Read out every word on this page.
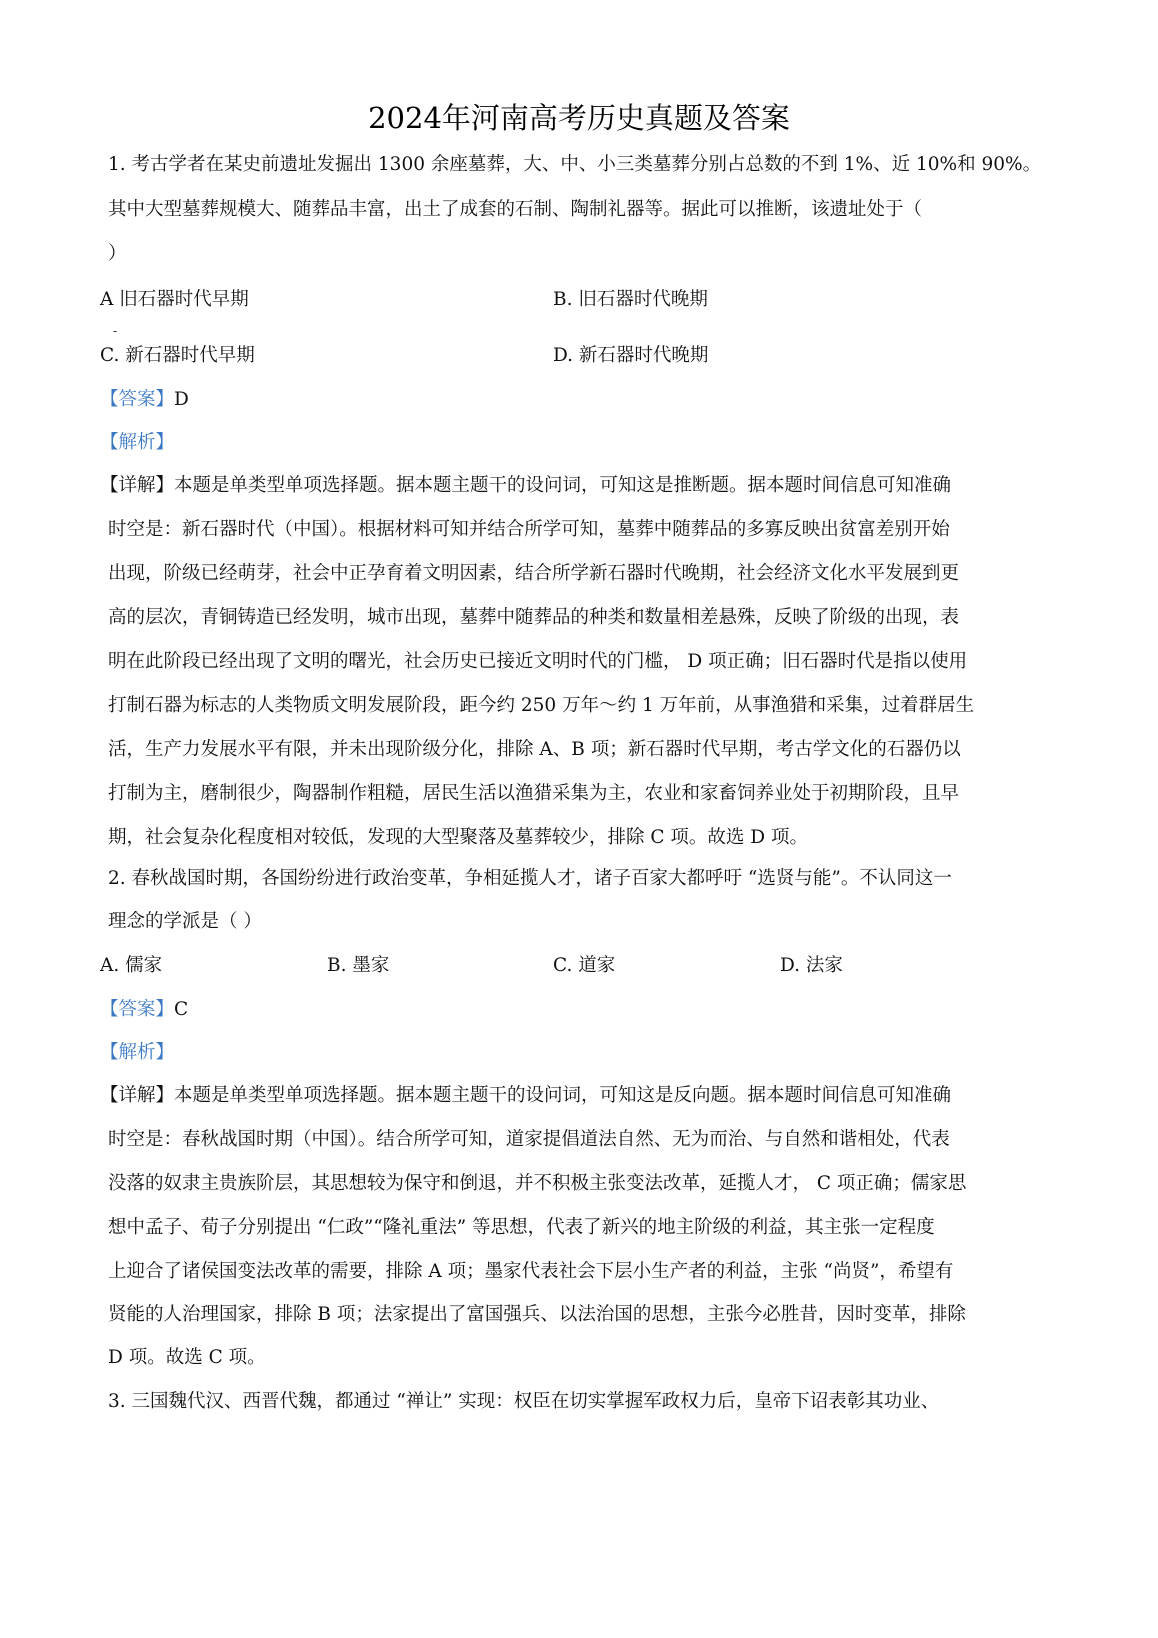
2024年河南高考历史真题及答案
1. 考古学者在某史前遗址发掘出 1300 余座墓葬，大、中、小三类墓葬分别占总数的不到 1%、近 10%和 90%。
其中大型墓葬规模大、随葬品丰富，出土了成套的石制、陶制礼器等。据此可以推断，该遗址处于（
）
A 旧石器时代早期
-
B. 旧石器时代晚期
C. 新石器时代早期	D. 新石器时代晚期
【答案】D
【解析】
【详解】本题是单类型单项选择题。据本题主题干的设问词，可知这是推断题。据本题时间信息可知准确
时空是：新石器时代（中国）。根据材料可知并结合所学可知，墓葬中随葬品的多寡反映出贫富差别开始
出现，阶级已经萌芽，社会中正孕育着文明因素，结合所学新石器时代晚期，社会经济文化水平发展到更
高的层次，青铜铸造已经发明，城市出现，墓葬中随葬品的种类和数量相差悬殊，反映了阶级的出现，表
明在此阶段已经出现了文明的曙光，社会历史已接近文明时代的门槛， D 项正确；旧石器时代是指以使用
打制石器为标志的人类物质文明发展阶段，距今约 250 万年～约 1 万年前，从事渔猎和采集，过着群居生
活，生产力发展水平有限，并未出现阶级分化，排除 A、B 项；新石器时代早期，考古学文化的石器仍以
打制为主，磨制很少，陶器制作粗糙，居民生活以渔猎采集为主，农业和家畜饲养业处于初期阶段，且早
期，社会复杂化程度相对较低，发现的大型聚落及墓葬较少，排除 C 项。故选 D 项。
2. 春秋战国时期，各国纷纷进行政治变革，争相延揽人才，诸子百家大都呼吁 “选贤与能”。不认同这一
理念的学派是（ ）
A. 儒家	B. 墨家	C. 道家	D. 法家
【答案】C
【解析】
【详解】本题是单类型单项选择题。据本题主题干的设问词，可知这是反向题。据本题时间信息可知准确
时空是：春秋战国时期（中国）。结合所学可知，道家提倡道法自然、无为而治、与自然和谐相处，代表
没落的奴隶主贵族阶层，其思想较为保守和倒退，并不积极主张变法改革，延揽人才， C 项正确；儒家思
想中孟子、荀子分别提出 “仁政”“隆礼重法” 等思想，代表了新兴的地主阶级的利益，其主张一定程度
上迎合了诸侯国变法改革的需要，排除 A 项；墨家代表社会下层小生产者的利益，主张 “尚贤”，希望有
贤能的人治理国家，排除 B 项；法家提出了富国强兵、以法治国的思想，主张今必胜昔，因时变革，排除
D 项。故选 C 项。
3. 三国魏代汉、西晋代魏，都通过 “禅让” 实现：权臣在切实掌握军政权力后，皇帝下诏表彰其功业、
